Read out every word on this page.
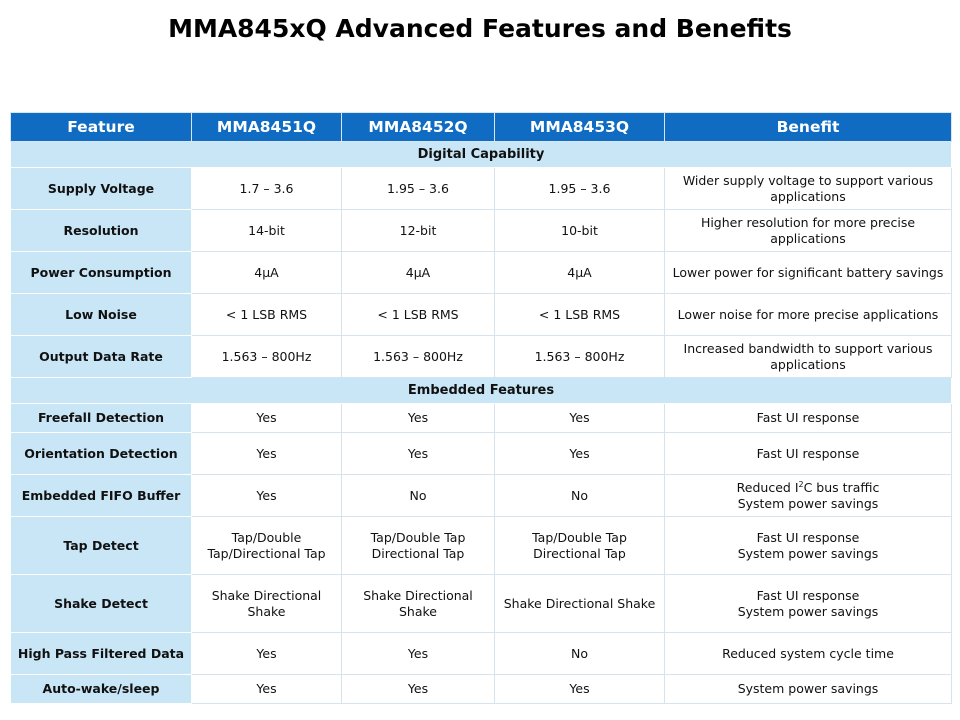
MMA845xQ Advanced Features and Benefits
Feature	MMA8451Q	MMA8452Q	MMA8453Q	Benefit
Digital Capability				
Supply Voltage	1.7 – 3.6	1.95 – 3.6	1.95 – 3.6	Wider supply voltage to support various applications
Resolution	14-bit	12-bit	10-bit	Higher resolution for more precise applications
Power Consumption	4µA	4µA	4µA	Lower power for significant battery savings
Low Noise	< 1 LSB RMS	< 1 LSB RMS	< 1 LSB RMS	Lower noise for more precise applications
Output Data Rate	1.563 – 800Hz	1.563 – 800Hz	1.563 – 800Hz	Increased bandwidth to support various applications
Embedded Features				
Freefall Detection	Yes	Yes	Yes	Fast UI response
Orientation Detection	Yes	Yes	Yes	Fast UI response
Embedded FIFO Buffer	Yes	No	No	Reduced $I^2C$ bus traffic
System power savings
Tap Detect	Tap/Double Tap/Directional Tap	Tap/Double Tap Directional Tap	Tap/Double Tap Directional Tap	Fast UI response
System power savings
Shake Detect	Shake Directional Shake	Shake Directional Shake	Shake Directional Shake	Fast UI response
System power savings
High Pass Filtered Data	Yes	Yes	No	Reduced system cycle time
Auto-wake/sleep	Yes	Yes	Yes	System power savings
